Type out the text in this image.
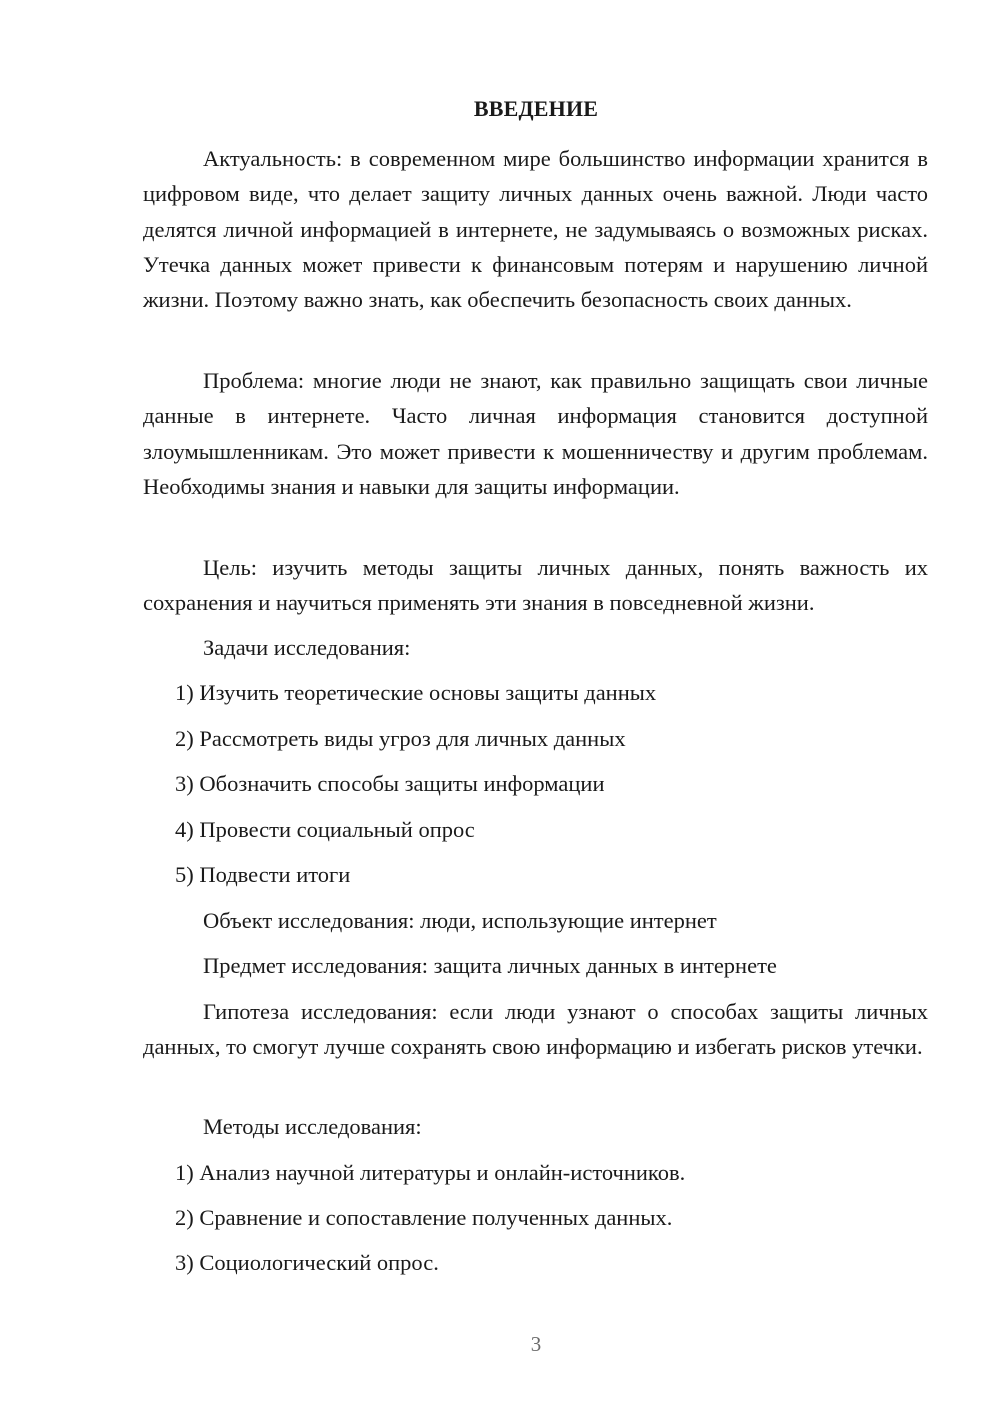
ВВЕДЕНИЕ

Актуальность: в современном мире большинство информации хранится в цифровом виде, что делает защиту личных данных очень важной. Люди часто делятся личной информацией в интернете, не задумываясь о возможных рисках. Утечка данных может привести к финансовым потерям и нарушению личной жизни. Поэтому важно знать, как обеспечить безопасность своих данных.

Проблема: многие люди не знают, как правильно защищать свои личные данные в интернете. Часто личная информация становится доступной злоумышленникам. Это может привести к мошенничеству и другим проблемам. Необходимы знания и навыки для защиты информации.

Цель: изучить методы защиты личных данных, понять важность их сохранения и научиться применять эти знания в повседневной жизни.

Задачи исследования:
1) Изучить теоретические основы защиты данных
2) Рассмотреть виды угроз для личных данных
3) Обозначить способы защиты информации
4) Провести социальный опрос
5) Подвести итоги
Объект исследования: люди, использующие интернет
Предмет исследования: защита личных данных в интернете

Гипотеза исследования: если люди узнают о способах защиты личных данных, то смогут лучше сохранять свою информацию и избегать рисков утечки.

Методы исследования:
1) Анализ научной литературы и онлайн-источников.
2) Сравнение и сопоставление полученных данных.
3) Социологический опрос.
3
